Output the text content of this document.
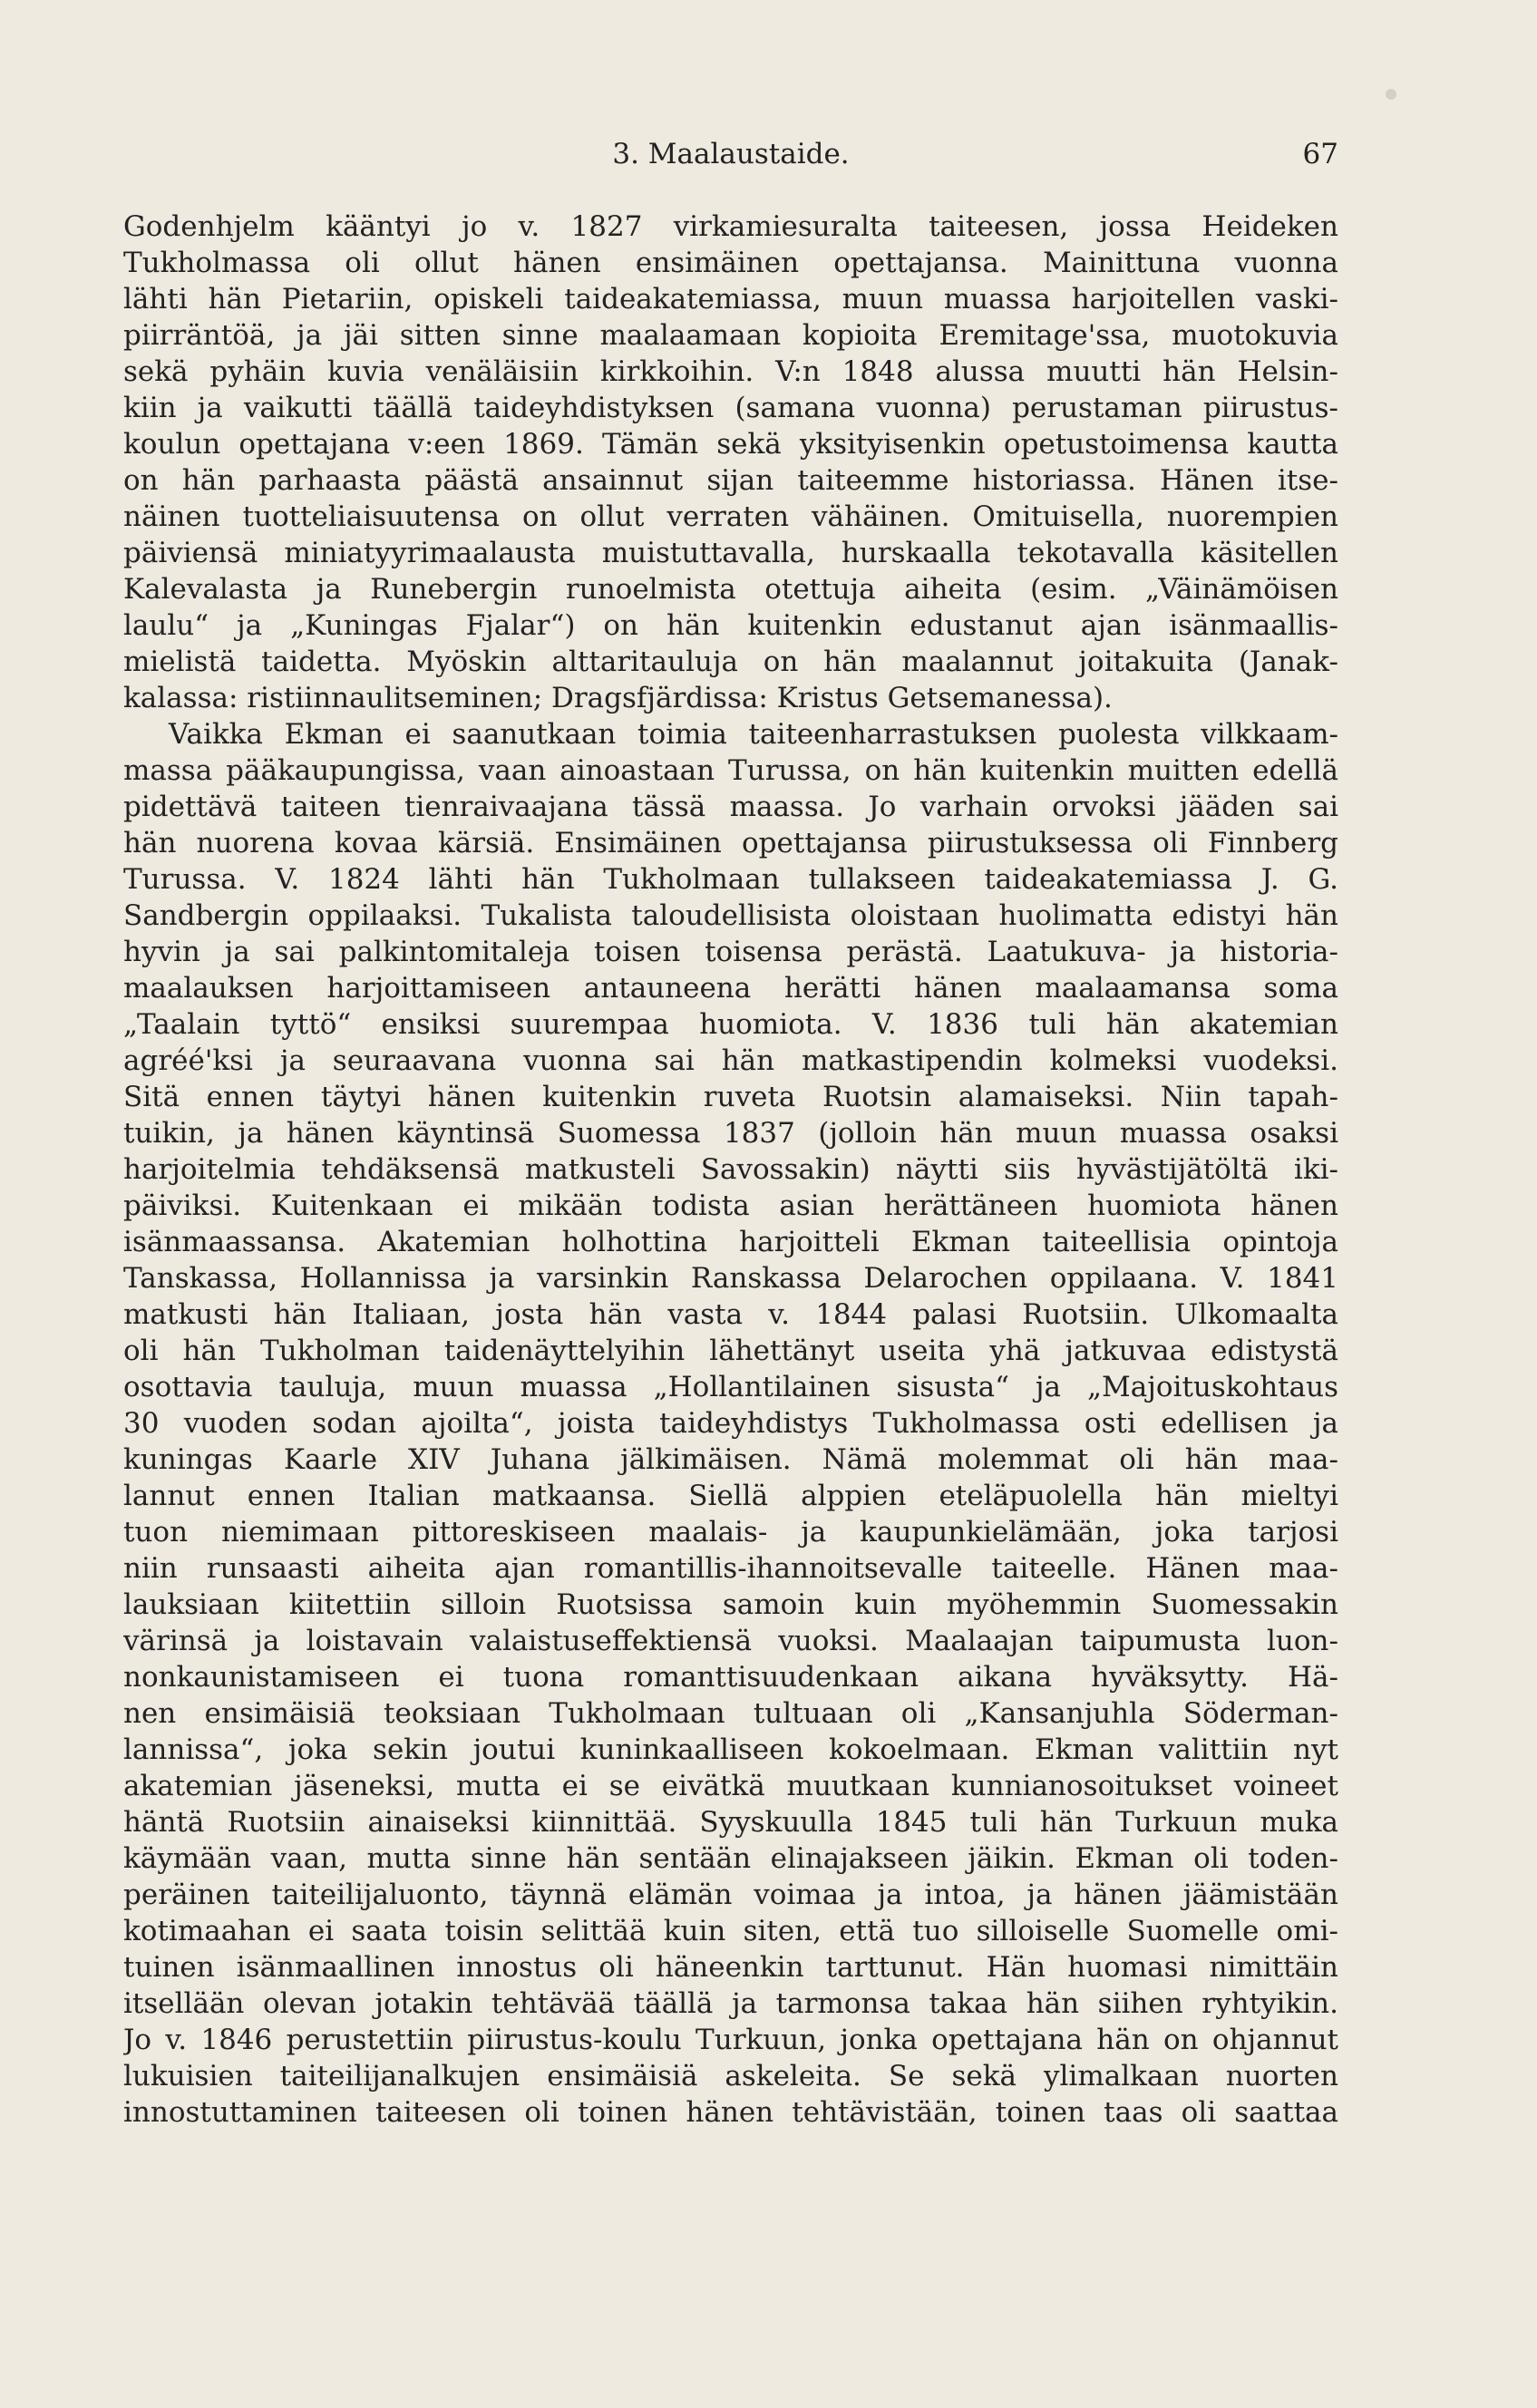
3. Maalaustaide.	67
Godenhjelm kääntyi jo v. 1827 virkamiesuralta taiteesen, jossa Heideken
Tukholmassa oli ollut hänen ensimäinen opettajansa. Mainittuna vuonna
lähti hän Pietariin, opiskeli taideakatemiassa, muun muassa harjoitellen vaski-
piirräntöä, ja jäi sitten sinne maalaamaan kopioita Eremitage'ssa, muotokuvia
sekä pyhäin kuvia venäläisiin kirkkoihin. V:n 1848 alussa muutti hän Helsin-
kiin ja vaikutti täällä taideyhdistyksen (samana vuonna) perustaman piirustus-
koulun opettajana v:een 1869. Tämän sekä yksityisenkin opetustoimensa kautta
on hän parhaasta päästä ansainnut sijan taiteemme historiassa. Hänen itse-
näinen tuotteliaisuutensa on ollut verraten vähäinen. Omituisella, nuorempien
päiviensä miniatyyrimaalausta muistuttavalla, hurskaalla tekotavalla käsitellen
Kalevalasta ja Runebergin runoelmista otettuja aiheita (esim. „Väinämöisen
laulu“ ja „Kuningas Fjalar“) on hän kuitenkin edustanut ajan isänmaallis-
mielistä taidetta. Myöskin alttaritauluja on hän maalannut joitakuita (Janak-
kalassa: ristiinnaulitseminen; Dragsfjärdissa: Kristus Getsemanessa).
Vaikka Ekman ei saanutkaan toimia taiteenharrastuksen puolesta vilkkaam-
massa pääkaupungissa, vaan ainoastaan Turussa, on hän kuitenkin muitten edellä
pidettävä taiteen tienraivaajana tässä maassa. Jo varhain orvoksi jääden sai
hän nuorena kovaa kärsiä. Ensimäinen opettajansa piirustuksessa oli Finnberg
Turussa. V. 1824 lähti hän Tukholmaan tullakseen taideakatemiassa J. G.
Sandbergin oppilaaksi. Tukalista taloudellisista oloistaan huolimatta edistyi hän
hyvin ja sai palkintomitaleja toisen toisensa perästä. Laatukuva- ja historia-
maalauksen harjoittamiseen antauneena herätti hänen maalaamansa soma
„Taalain tyttö“ ensiksi suurempaa huomiota. V. 1836 tuli hän akatemian
agréé'ksi ja seuraavana vuonna sai hän matkastipendin kolmeksi vuodeksi.
Sitä ennen täytyi hänen kuitenkin ruveta Ruotsin alamaiseksi. Niin tapah-
tuikin, ja hänen käyntinsä Suomessa 1837 (jolloin hän muun muassa osaksi
harjoitelmia tehdäksensä matkusteli Savossakin) näytti siis hyvästijätöltä iki-
päiviksi. Kuitenkaan ei mikään todista asian herättäneen huomiota hänen
isänmaassansa. Akatemian holhottina harjoitteli Ekman taiteellisia opintoja
Tanskassa, Hollannissa ja varsinkin Ranskassa Delarochen oppilaana. V. 1841
matkusti hän Italiaan, josta hän vasta v. 1844 palasi Ruotsiin. Ulkomaalta
oli hän Tukholman taidenäyttelyihin lähettänyt useita yhä jatkuvaa edistystä
osottavia tauluja, muun muassa „Hollantilainen sisusta“ ja „Majoituskohtaus
30 vuoden sodan ajoilta“, joista taideyhdistys Tukholmassa osti edellisen ja
kuningas Kaarle XIV Juhana jälkimäisen. Nämä molemmat oli hän maa-
lannut ennen Italian matkaansa. Siellä alppien eteläpuolella hän mieltyi
tuon niemimaan pittoreskiseen maalais- ja kaupunkielämään, joka tarjosi
niin runsaasti aiheita ajan romantillis-ihannoitsevalle taiteelle. Hänen maa-
lauksiaan kiitettiin silloin Ruotsissa samoin kuin myöhemmin Suomessakin
värinsä ja loistavain valaistuseffektiensä vuoksi. Maalaajan taipumusta luon-
nonkaunistamiseen ei tuona romanttisuudenkaan aikana hyväksytty. Hä-
nen ensimäisiä teoksiaan Tukholmaan tultuaan oli „Kansanjuhla Söderman-
lannissa“, joka sekin joutui kuninkaalliseen kokoelmaan. Ekman valittiin nyt
akatemian jäseneksi, mutta ei se eivätkä muutkaan kunnianosoitukset voineet
häntä Ruotsiin ainaiseksi kiinnittää. Syyskuulla 1845 tuli hän Turkuun muka
käymään vaan, mutta sinne hän sentään elinajakseen jäikin. Ekman oli toden-
peräinen taiteilijaluonto, täynnä elämän voimaa ja intoa, ja hänen jäämistään
kotimaahan ei saata toisin selittää kuin siten, että tuo silloiselle Suomelle omi-
tuinen isänmaallinen innostus oli häneenkin tarttunut. Hän huomasi nimittäin
itsellään olevan jotakin tehtävää täällä ja tarmonsa takaa hän siihen ryhtyikin.
Jo v. 1846 perustettiin piirustus-koulu Turkuun, jonka opettajana hän on ohjannut
lukuisien taiteilijanalkujen ensimäisiä askeleita. Se sekä ylimalkaan nuorten
innostuttaminen taiteesen oli toinen hänen tehtävistään, toinen taas oli saattaa
